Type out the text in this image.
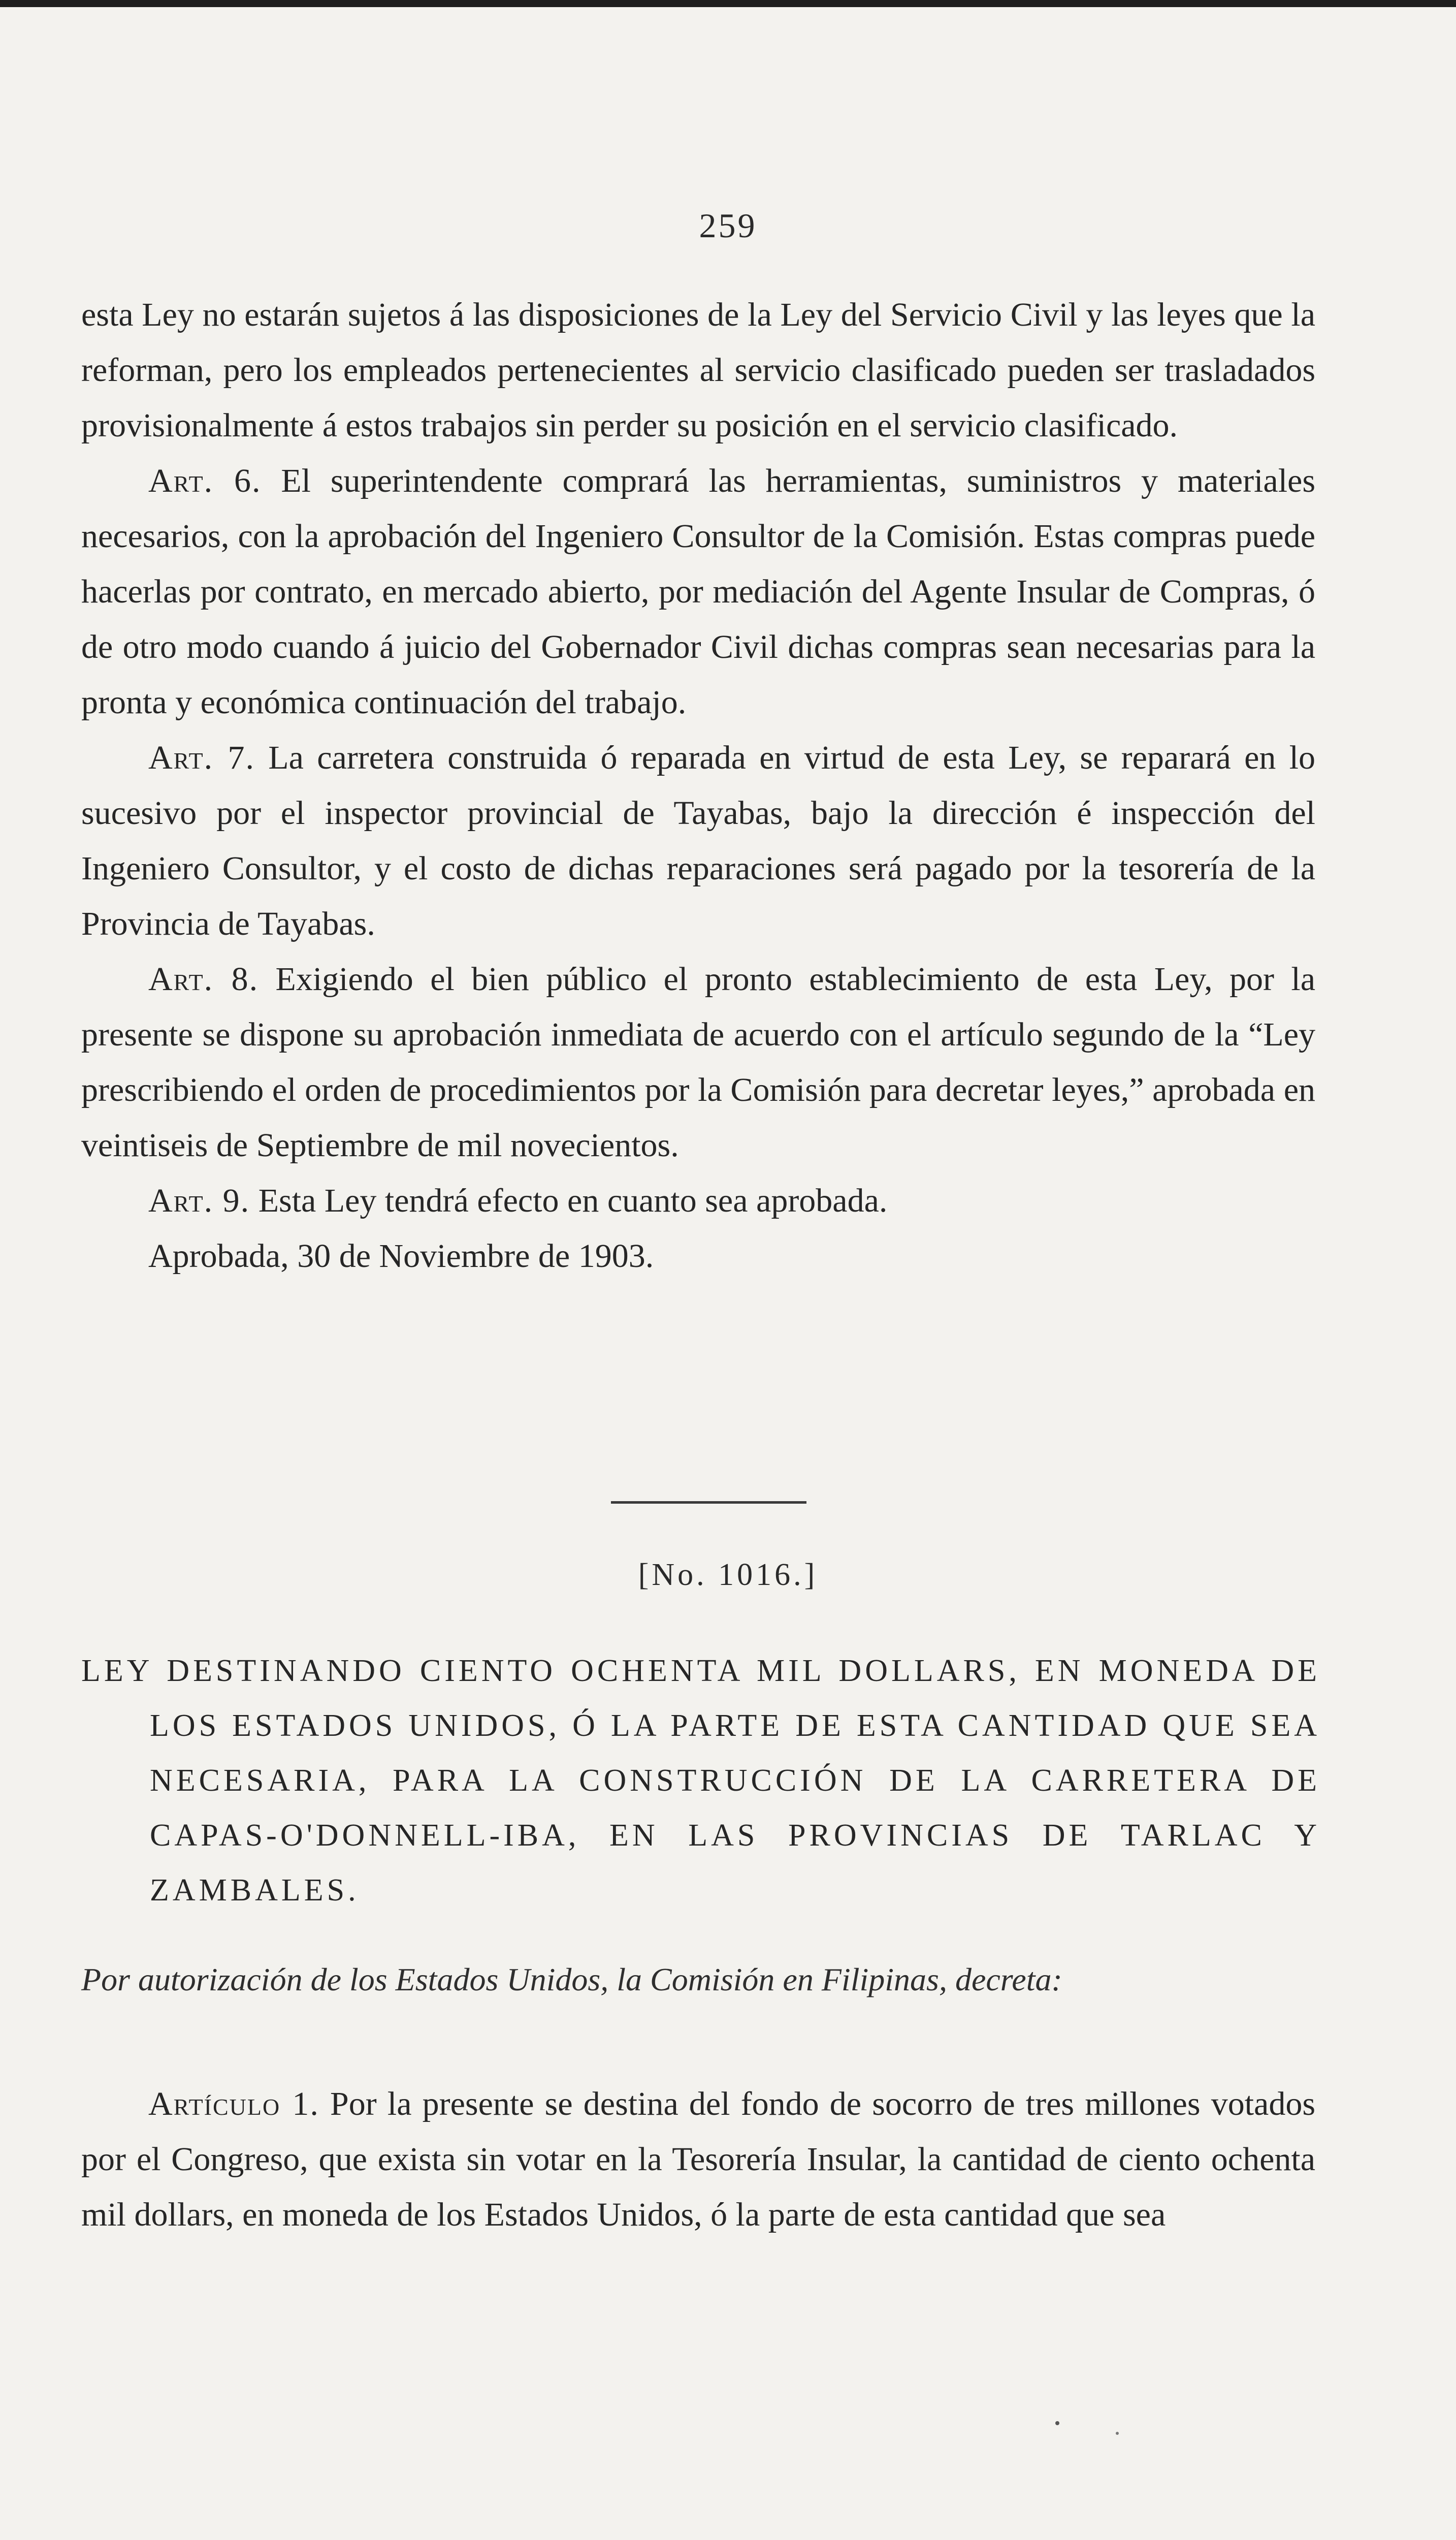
259

esta Ley no estarán sujetos á las disposiciones de la Ley del Servicio Civil y las leyes que la reforman, pero los empleados pertenecientes al servicio clasificado pueden ser trasladados provisionalmente á estos trabajos sin perder su posición en el servicio clasificado.

Art. 6. El superintendente comprará las herramientas, suministros y materiales necesarios, con la aprobación del Ingeniero Consultor de la Comisión. Estas compras puede hacerlas por contrato, en mercado abierto, por mediación del Agente Insular de Compras, ó de otro modo cuando á juicio del Gobernador Civil dichas compras sean necesarias para la pronta y económica continuación del trabajo.

Art. 7. La carretera construida ó reparada en virtud de esta Ley, se reparará en lo sucesivo por el inspector provincial de Tayabas, bajo la dirección é inspección del Ingeniero Consultor, y el costo de dichas reparaciones será pagado por la tesorería de la Provincia de Tayabas.

Art. 8. Exigiendo el bien público el pronto establecimiento de esta Ley, por la presente se dispone su aprobación inmediata de acuerdo con el artículo segundo de la “Ley prescribiendo el orden de procedimientos por la Comisión para decretar leyes,” aprobada en veintiseis de Septiembre de mil novecientos.

Art. 9. Esta Ley tendrá efecto en cuanto sea aprobada.

Aprobada, 30 de Noviembre de 1903.

[No. 1016.]
LEY DESTINANDO CIENTO OCHENTA MIL DOLLARS, EN MONEDA DE LOS ESTADOS UNIDOS, Ó LA PARTE DE ESTA CANTIDAD QUE SEA NECESARIA, PARA LA CONSTRUCCIÓN DE LA CARRETERA DE CAPAS-O'DONNELL-IBA, EN LAS PROVINCIAS DE TARLAC Y ZAMBALES.
Por autorización de los Estados Unidos, la Comisión en Filipinas, decreta:
Artículo 1. Por la presente se destina del fondo de socorro de tres millones votados por el Congreso, que exista sin votar en la Tesorería Insular, la cantidad de ciento ochenta mil dollars, en moneda de los Estados Unidos, ó la parte de esta cantidad que sea
